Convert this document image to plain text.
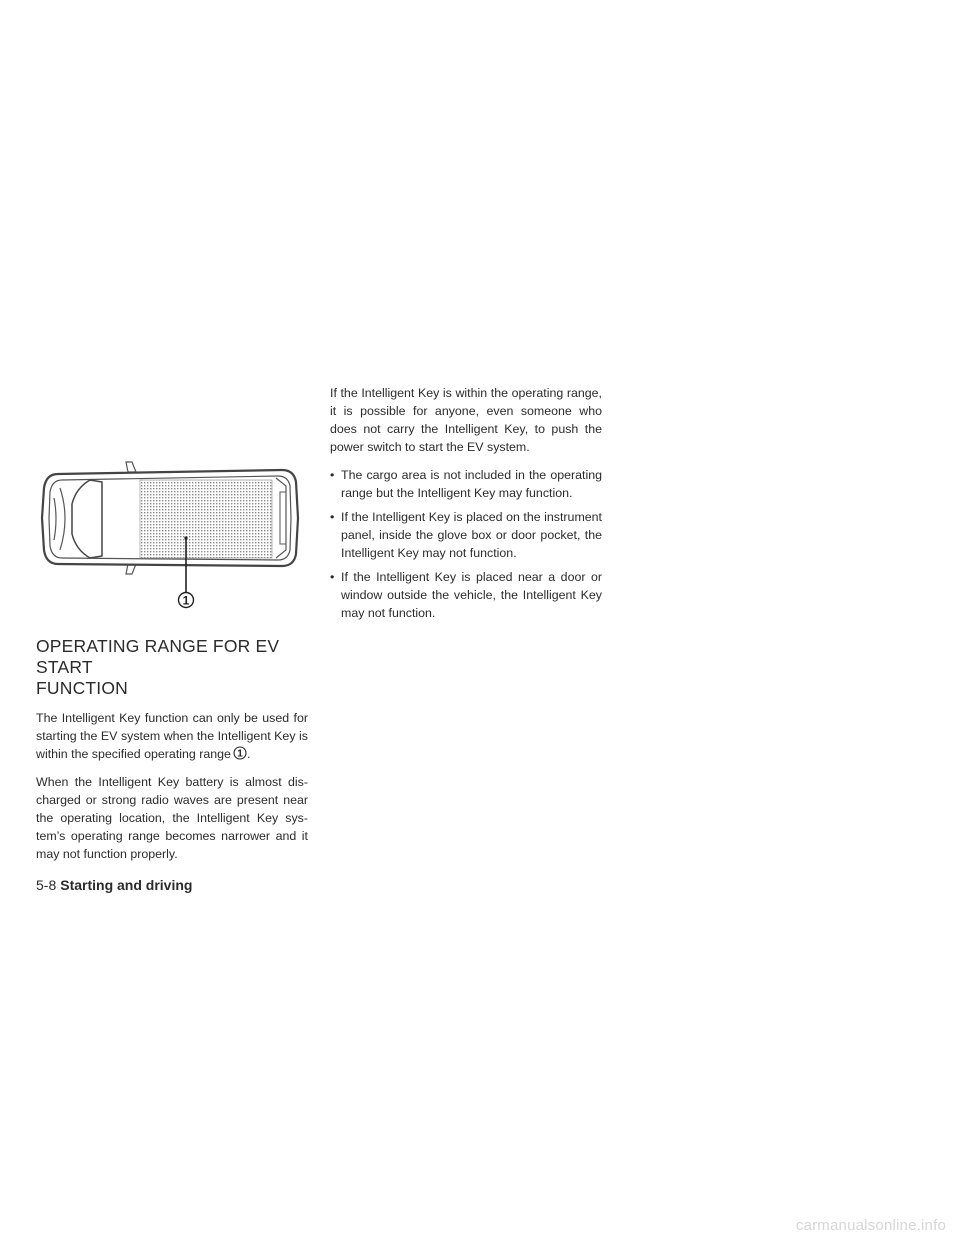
1
OPERATING RANGE FOR EV START
FUNCTION

The Intelligent Key function can only be used for starting the EV system when the Intelligent Key is within the specified operating range 1 .

When the Intelligent Key battery is almost dis-charged or strong radio waves are present near the operating location, the Intelligent Key sys-tem’s operating range becomes narrower and it may not function properly.

If the Intelligent Key is within the operating range, it is possible for anyone, even someone who does not carry the Intelligent Key, to push the power switch to start the EV system.

• The cargo area is not included in the operating range but the Intelligent Key may function.
• If the Intelligent Key is placed on the instrument panel, inside the glove box or door pocket, the Intelligent Key may not function.
• If the Intelligent Key is placed near a door or window outside the vehicle, the Intelligent Key may not function.
5-8 Starting and driving
carmanualsonline.info
